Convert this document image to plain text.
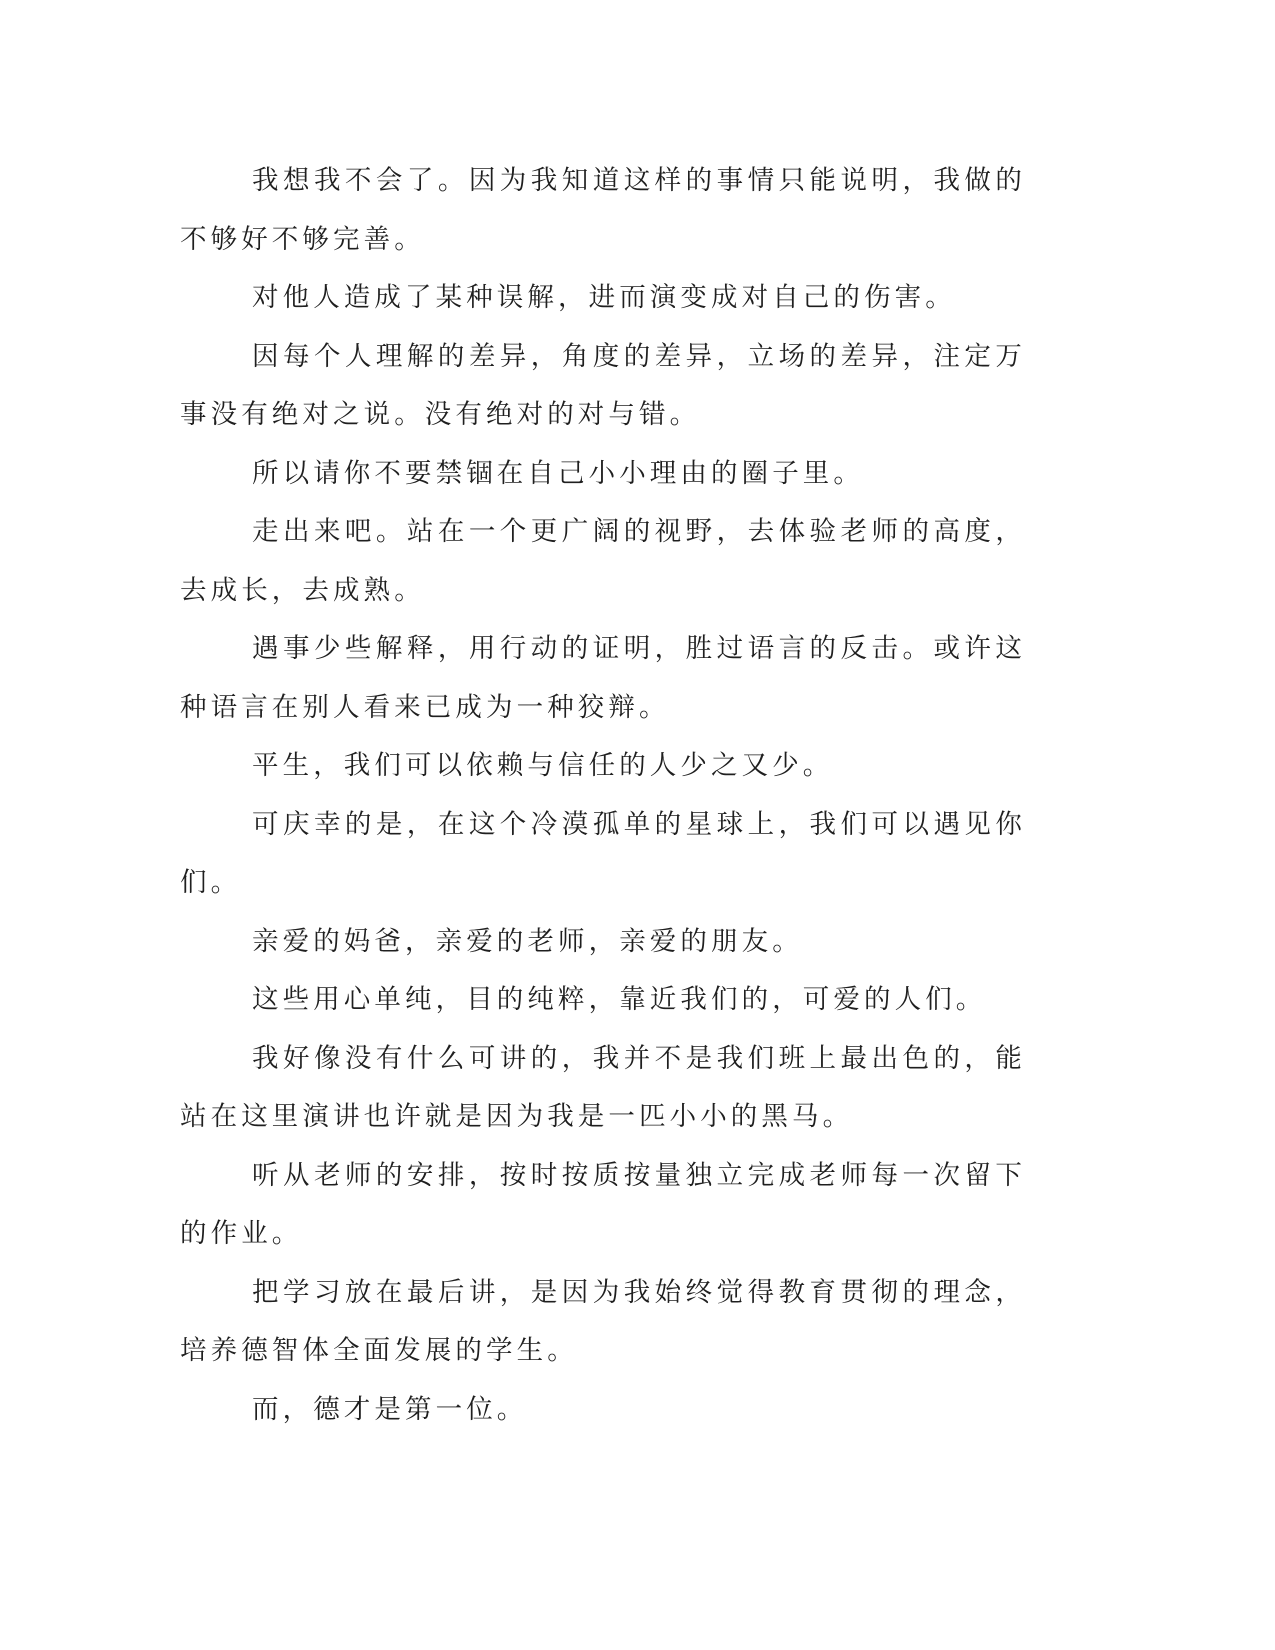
我想我不会了。因为我知道这样的事情只能说明，我做的不够好不够完善。

对他人造成了某种误解，进而演变成对自己的伤害。

因每个人理解的差异，角度的差异，立场的差异，注定万事没有绝对之说。没有绝对的对与错。

所以请你不要禁锢在自己小小理由的圈子里。

走出来吧。站在一个更广阔的视野，去体验老师的高度，去成长，去成熟。

遇事少些解释，用行动的证明，胜过语言的反击。或许这种语言在别人看来已成为一种狡辩。

平生，我们可以依赖与信任的人少之又少。

可庆幸的是，在这个冷漠孤单的星球上，我们可以遇见你们。

亲爱的妈爸，亲爱的老师，亲爱的朋友。

这些用心单纯，目的纯粹，靠近我们的，可爱的人们。

我好像没有什么可讲的，我并不是我们班上最出色的，能站在这里演讲也许就是因为我是一匹小小的黑马。

听从老师的安排，按时按质按量独立完成老师每一次留下的作业。

把学习放在最后讲，是因为我始终觉得教育贯彻的理念，培养德智体全面发展的学生。

而，德才是第一位。
